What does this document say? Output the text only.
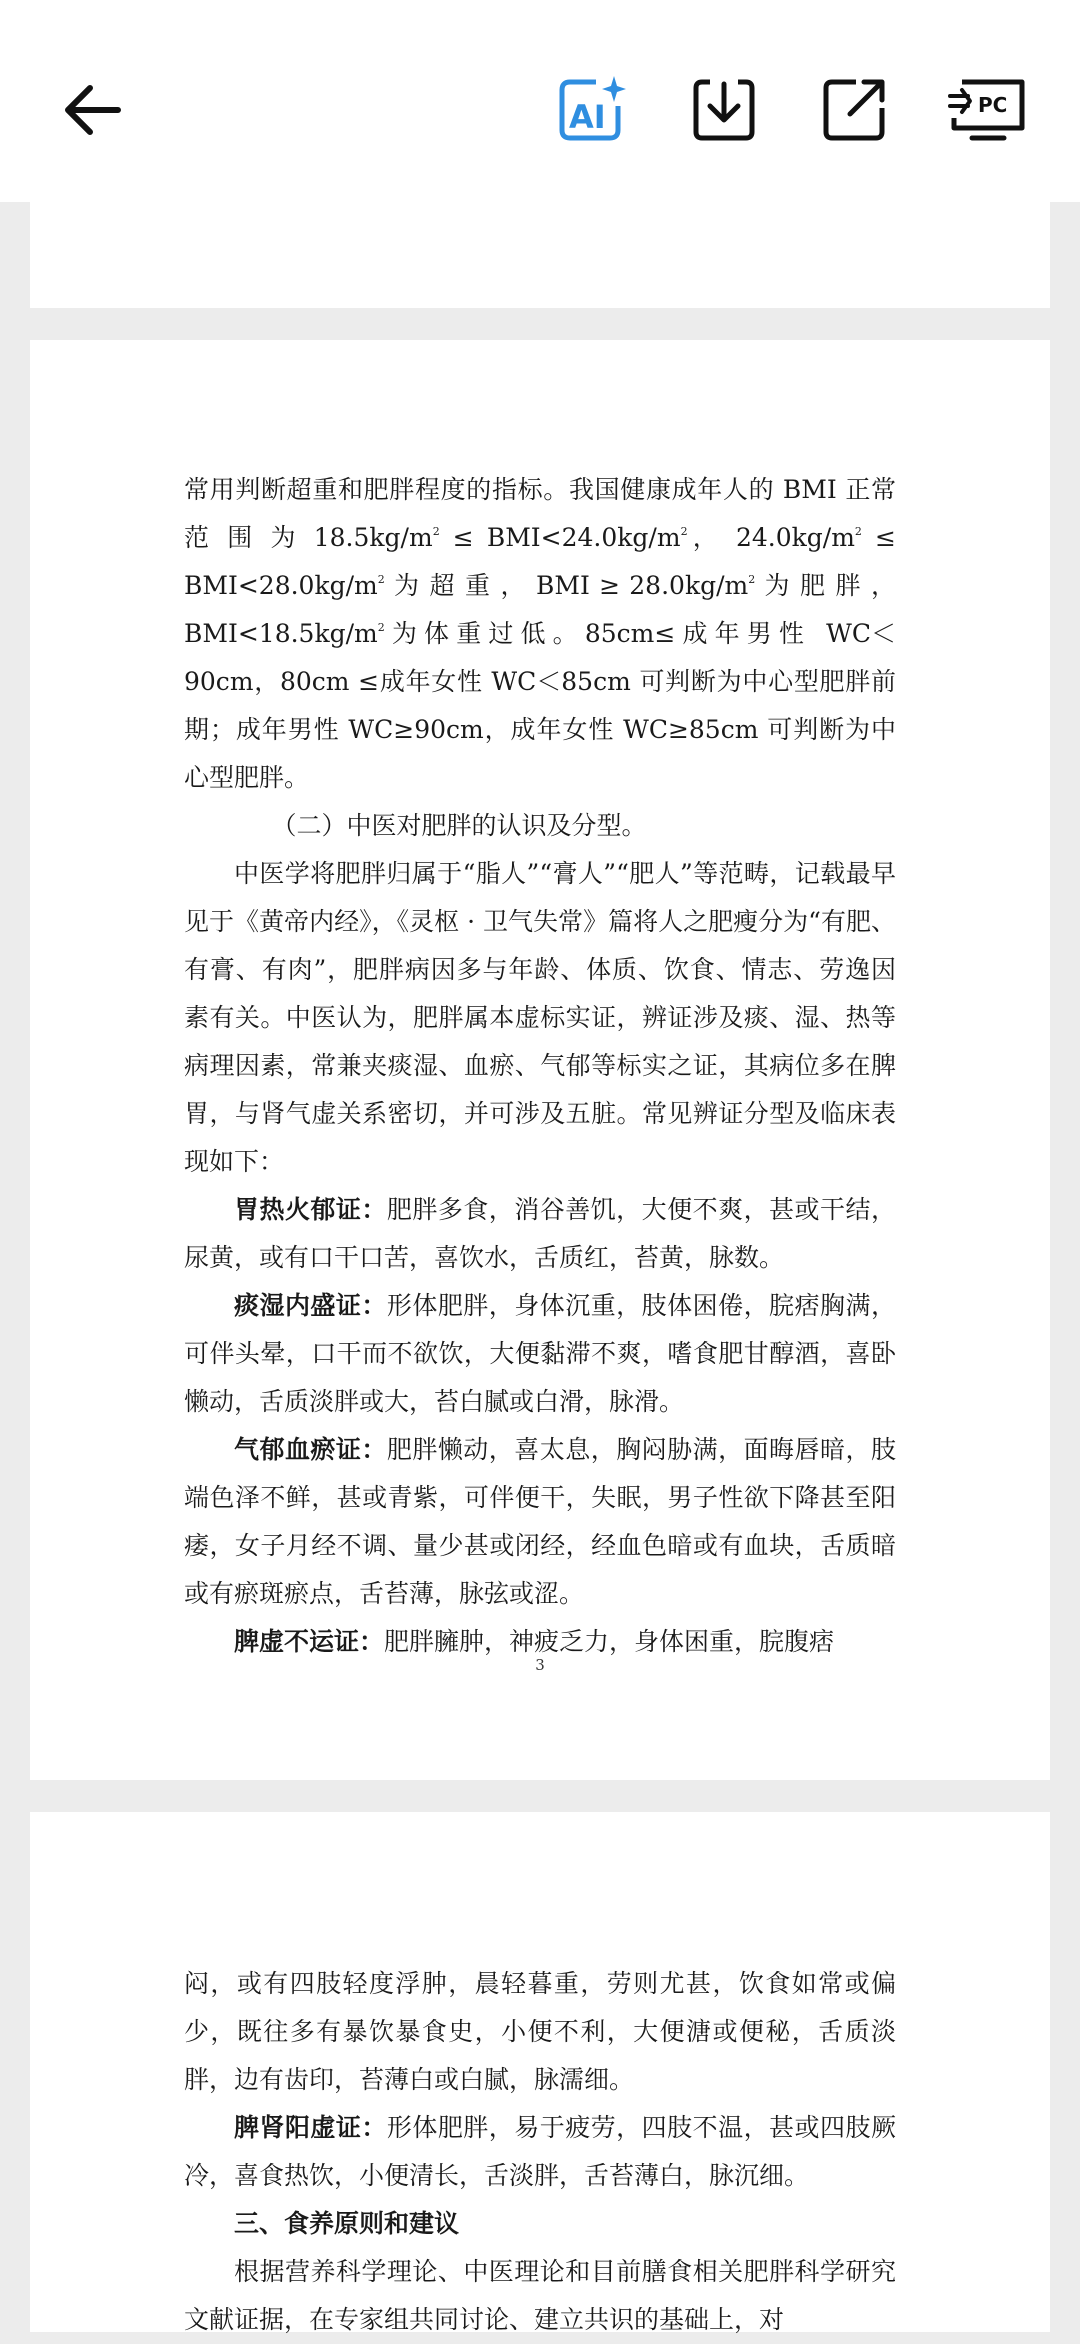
AI	PC

常用判断超重和肥胖程度的指标。我国健康成年人的 BMI 正常 范 围 为 $18.5kg/m^2 \le BMI<24.0kg/m^2$， $24.0kg/m^2 \le BMI<28.0kg/m^2$ 为 超 重 ， BMI ≥ $28.0kg/m^2$ 为 肥 胖 ， $BMI<18.5kg/m^2$为体重过低。85cm≤成年男性 WC＜90cm，80cm ≤成年女性 WC＜85cm 可判断为中心型肥胖前期；成年男性 WC≥90cm，成年女性 WC≥85cm 可判断为中心型肥胖。

（二）中医对肥胖的认识及分型。

中医学将肥胖归属于“脂人”“膏人”“肥人”等范畴，记载最早见于《黄帝内经》，《灵枢 · 卫气失常》篇将人之肥瘦分为“有肥、有膏、有肉”，肥胖病因多与年龄、体质、饮食、情志、劳逸因素有关。中医认为，肥胖属本虚标实证，辨证涉及痰、湿、热等病理因素，常兼夹痰湿、血瘀、气郁等标实之证，其病位多在脾胃，与肾气虚关系密切，并可涉及五脏。常见辨证分型及临床表现如下：

胃热火郁证：肥胖多食，消谷善饥，大便不爽，甚或干结，尿黄，或有口干口苦，喜饮水，舌质红，苔黄，脉数。

痰湿内盛证：形体肥胖，身体沉重，肢体困倦，脘痞胸满，可伴头晕，口干而不欲饮，大便黏滞不爽，嗜食肥甘醇酒，喜卧懒动，舌质淡胖或大，苔白腻或白滑，脉滑。

气郁血瘀证：肥胖懒动，喜太息，胸闷胁满，面晦唇暗，肢端色泽不鲜，甚或青紫，可伴便干，失眠，男子性欲下降甚至阳痿，女子月经不调、量少甚或闭经，经血色暗或有血块，舌质暗或有瘀斑瘀点，舌苔薄，脉弦或涩。

脾虚不运证：肥胖臃肿，神疲乏力，身体困重，脘腹痞

3

闷，或有四肢轻度浮肿，晨轻暮重，劳则尤甚，饮食如常或偏少，既往多有暴饮暴食史，小便不利，大便溏或便秘，舌质淡胖，边有齿印，苔薄白或白腻，脉濡细。

脾肾阳虚证：形体肥胖，易于疲劳，四肢不温，甚或四肢厥冷，喜食热饮，小便清长，舌淡胖，舌苔薄白，脉沉细。

三、食养原则和建议

根据营养科学理论、中医理论和目前膳食相关肥胖科学研究文献证据，在专家组共同讨论、建立共识的基础上，对
